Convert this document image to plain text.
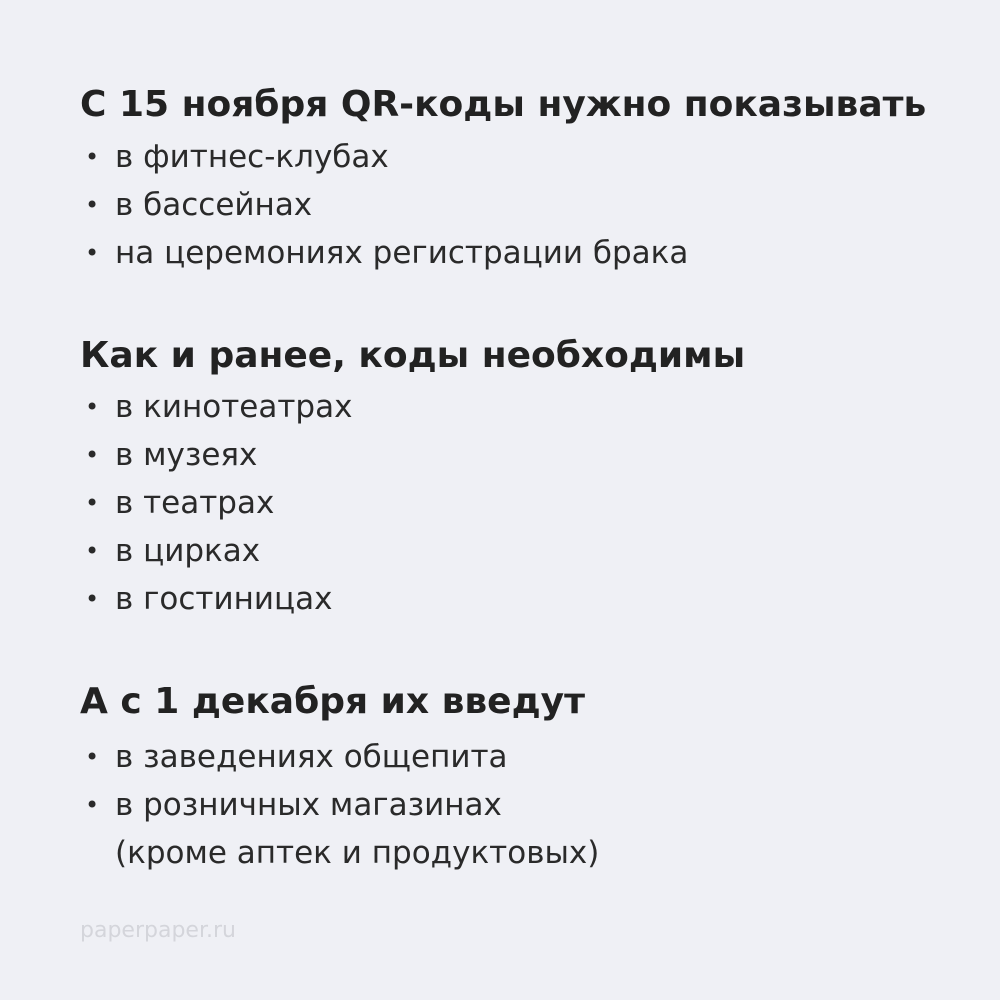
С 15 ноября QR-коды нужно показывать
• в фитнес-клубах
• в бассейнах
• на церемониях регистрации брака
Как и ранее, коды необходимы
• в кинотеатрах
• в музеях
• в театрах
• в цирках
• в гостиницах
А с 1 декабря их введут
• в заведениях общепита
• в розничных магазинах
(кроме аптек и продуктовых)
paperpaper.ru
